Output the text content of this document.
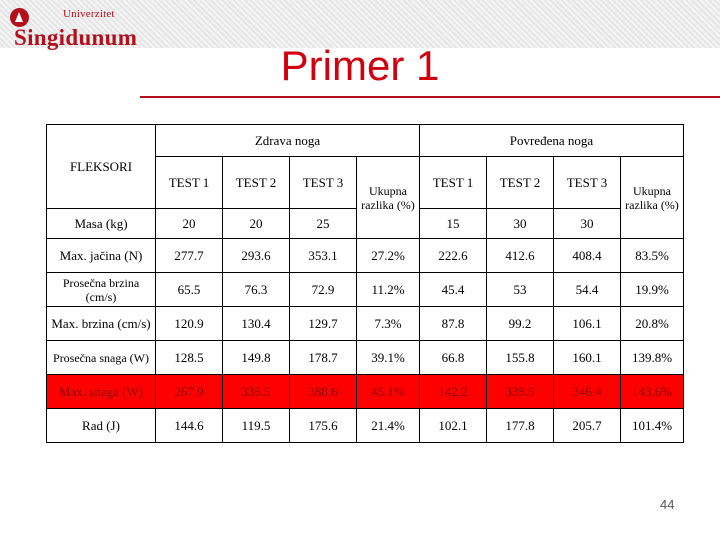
Univerzitet
Singidunum
Primer 1
FLEKSORI	Zdrava noga				Povređena noga			
	TEST 1	TEST 2	TEST 3	Ukupna razlika (%)	TEST 1	TEST 2	TEST 3	Ukupna razlika (%)
Masa (kg)	20	20	25		15	30	30	
Max. jačina (N)	277.7	293.6	353.1	27.2%	222.6	412.6	408.4	83.5%
Prosečna brzina (cm/s)	65.5	76.3	72.9	11.2%	45.4	53	54.4	19.9%
Max. brzina (cm/s)	120.9	130.4	129.7	7.3%	87.8	99.2	106.1	20.8%
Prosečna snaga (W)	128.5	149.8	178.7	39.1%	66.8	155.8	160.1	139.8%
Max. snaga (W)	267.9	336.5	388.6	45.1%	142.2	338.5	346.4	143.6%
Rad (J)	144.6	119.5	175.6	21.4%	102.1	177.8	205.7	101.4%
44
